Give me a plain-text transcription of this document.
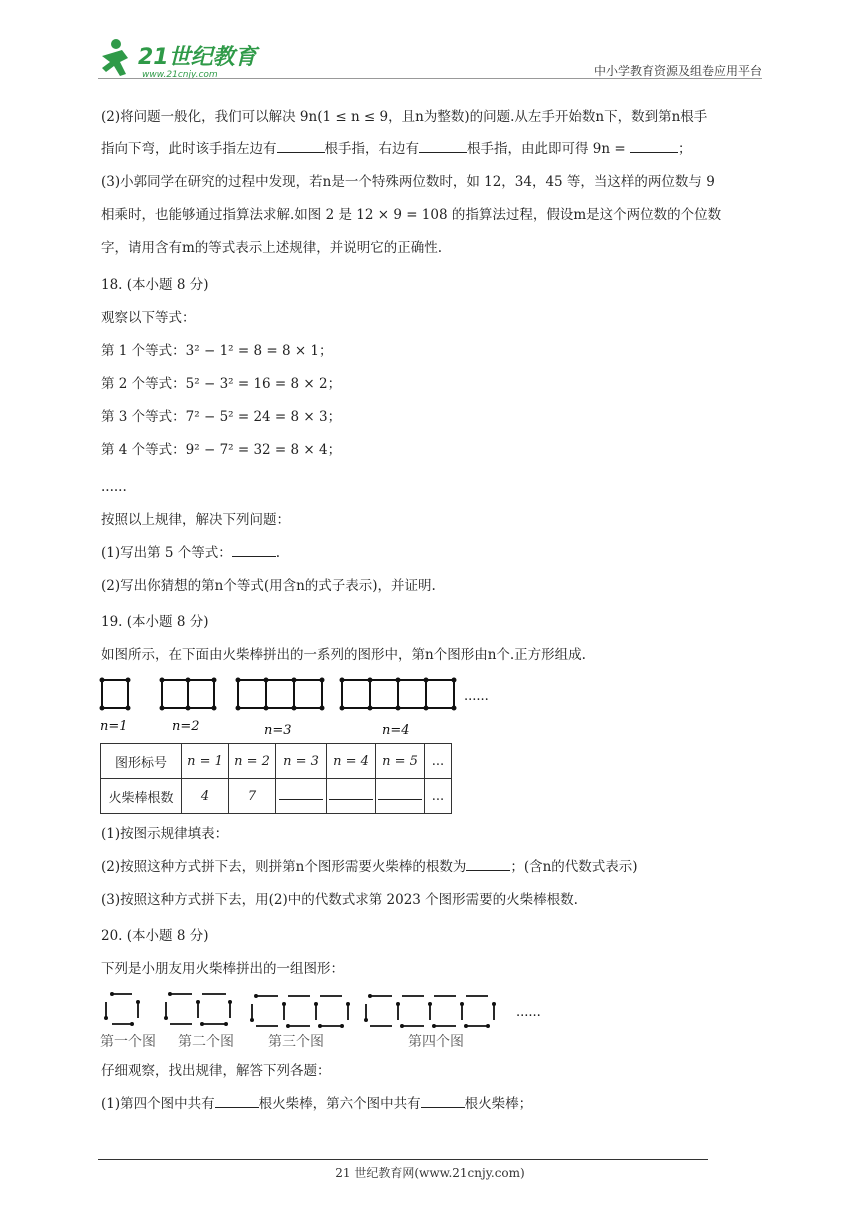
21世纪教育
www.21cnjy.com	中小学教育资源及组卷应用平台
(2)将问题一般化，我们可以解决 9n(1 ≤ n ≤ 9，且n为整数)的问题.从左手开始数n下，数到第n根手
指向下弯，此时该手指左边有	根手指，右边有	根手指，由此即可得 9n =	；
(3)小郭同学在研究的过程中发现，若n是一个特殊两位数时，如 12，34，45 等，当这样的两位数与 9
相乘时，也能够通过指算法求解.如图 2 是 12 × 9 = 108 的指算法过程，假设m是这个两位数的个位数
字，请用含有m的等式表示上述规律，并说明它的正确性.
18. (本小题 8 分)
观察以下等式：
第 1 个等式：3² − 1² = 8 = 8 × 1；
第 2 个等式：5² − 3² = 16 = 8 × 2；
第 3 个等式：7² − 5² = 24 = 8 × 3；
第 4 个等式：9² − 7² = 32 = 8 × 4；
......
按照以上规律，解决下列问题：
(1)写出第 5 个等式：	.
(2)写出你猜想的第n个等式(用含n的式子表示)，并证明.
19. (本小题 8 分)
如图所示，在下面由火柴棒拼出的一系列的图形中，第n个图形由n个.正方形组成.
n=1	n=2	n=3	n=4
......
图形标号	n = 1	n = 2	n = 3	n = 4	n = 5	...
火柴棒根数	4	7				...
(1)按图示规律填表：
(2)按照这种方式拼下去，则拼第n个图形需要火柴棒的根数为	；(含n的代数式表示)
(3)按照这种方式拼下去，用(2)中的代数式求第 2023 个图形需要的火柴棒根数.
20. (本小题 8 分)
下列是小朋友用火柴棒拼出的一组图形：
第一个图 第二个图 第三个图	第四个图
......
仔细观察，找出规律，解答下列各题：
(1)第四个图中共有	根火柴棒，第六个图中共有	根火柴棒；
21 世纪教育网(www.21cnjy.com)
